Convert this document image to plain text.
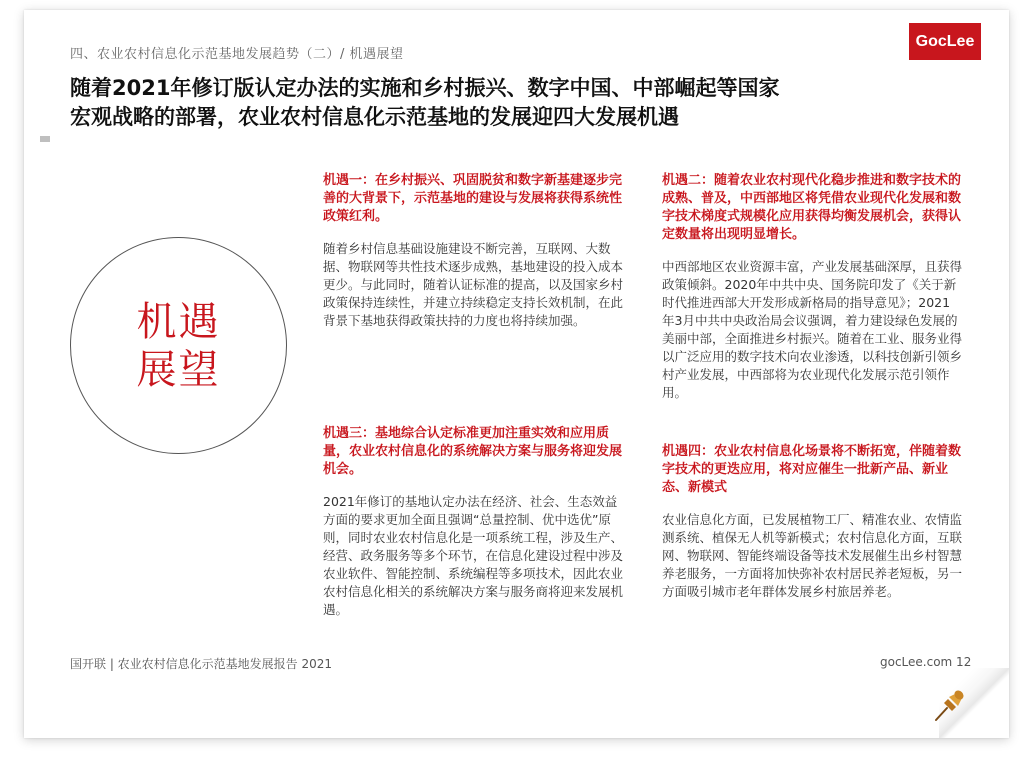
四、农业农村信息化示范基地发展趋势（二）/ 机遇展望
GocLee
随着2021年修订版认定办法的实施和乡村振兴、数字中国、中部崛起等国家
宏观战略的部署，农业农村信息化示范基地的发展迎四大发展机遇
机遇
展望

机遇一：在乡村振兴、巩固脱贫和数字新基建逐步完善的大背景下，示范基地的建设与发展将获得系统性政策红利。

随着乡村信息基础设施建设不断完善，互联网、大数据、物联网等共性技术逐步成熟，基地建设的投入成本更少。与此同时，随着认证标准的提高，以及国家乡村政策保持连续性，并建立持续稳定支持长效机制，在此背景下基地获得政策扶持的力度也将持续加强。

机遇二：随着农业农村现代化稳步推进和数字技术的成熟、普及，中西部地区将凭借农业现代化发展和数字技术梯度式规模化应用获得均衡发展机会，获得认定数量将出现明显增长。

中西部地区农业资源丰富，产业发展基础深厚，且获得政策倾斜。2020年中共中央、国务院印发了《关于新时代推进西部大开发形成新格局的指导意见》；2021年3月中共中央政治局会议强调，着力建设绿色发展的美丽中部，全面推进乡村振兴。随着在工业、服务业得以广泛应用的数字技术向农业渗透，以科技创新引领乡村产业发展，中西部将为农业现代化发展示范引领作用。

机遇三：基地综合认定标准更加注重实效和应用质量，农业农村信息化的系统解决方案与服务将迎发展机会。

2021年修订的基地认定办法在经济、社会、生态效益方面的要求更加全面且强调“总量控制、优中选优”原则，同时农业农村信息化是一项系统工程，涉及生产、经营、政务服务等多个环节，在信息化建设过程中涉及农业软件、智能控制、系统编程等多项技术，因此农业农村信息化相关的系统解决方案与服务商将迎来发展机遇。

机遇四：农业农村信息化场景将不断拓宽，伴随着数字技术的更迭应用，将对应催生一批新产品、新业态、新模式

农业信息化方面，已发展植物工厂、精准农业、农情监测系统、植保无人机等新模式；农村信息化方面，互联网、物联网、智能终端设备等技术发展催生出乡村智慧养老服务，一方面将加快弥补农村居民养老短板，另一方面吸引城市老年群体发展乡村旅居养老。

国开联 | 农业农村信息化示范基地发展报告 2021	gocLee.com 12
